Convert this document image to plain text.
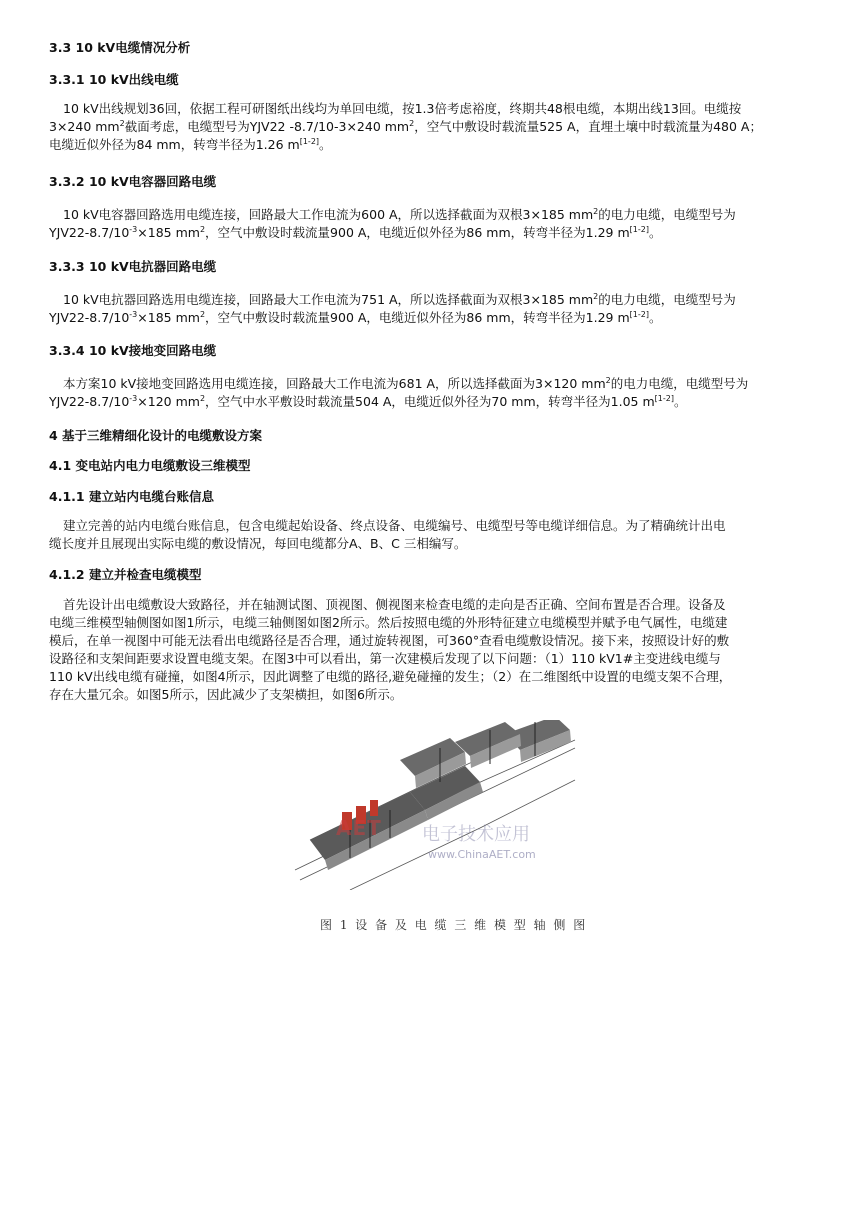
3.3 10 kV电缆情况分析
3.3.1 10 kV出线电缆
10 kV出线规划36回，依据工程可研图纸出线均为单回电缆，按1.3倍考虑裕度，终期共48根电缆，本期出线13回。电缆按
3×240 $mm^2$截面考虑，电缆型号为YJV22 -8.7/10-3×240 $mm^2$，空气中敷设时载流量525 A，直埋土壤中时载流量为480 A；
电缆近似外径为84 mm，转弯半径为1.26 m[1-2]。
3.3.2 10 kV电容器回路电缆
10 kV电容器回路选用电缆连接，回路最大工作电流为600 A，所以选择截面为双根3×185 $mm^2$的电力电缆，电缆型号为
$YJV22-8.7/10^{-3}\times 185$ $mm^2$，空气中敷设时载流量900 A，电缆近似外径为86 mm，转弯半径为1.29 m[1-2]。
3.3.3 10 kV电抗器回路电缆
10 kV电抗器回路选用电缆连接，回路最大工作电流为751 A，所以选择截面为双根3×185 $mm^2$的电力电缆，电缆型号为
$YJV22-8.7/10^{-3}\times 185$ $mm^2$，空气中敷设时载流量900 A，电缆近似外径为86 mm，转弯半径为1.29 m[1-2]。
3.3.4 10 kV接地变回路电缆
本方案10 kV接地变回路选用电缆连接，回路最大工作电流为681 A，所以选择截面为3×120 $mm^2$的电力电缆，电缆型号为
$YJV22-8.7/10^{-3}\times 120$ $mm^2$，空气中水平敷设时载流量504 A，电缆近似外径为70 mm，转弯半径为1.05 m[1-2]。
4 基于三维精细化设计的电缆敷设方案
4.1 变电站内电力电缆敷设三维模型
4.1.1 建立站内电缆台账信息
建立完善的站内电缆台账信息，包含电缆起始设备、终点设备、电缆编号、电缆型号等电缆详细信息。为了精确统计出电
缆长度并且展现出实际电缆的敷设情况，每回电缆都分A、B、C 三相编写。
4.1.2 建立并检查电缆模型
首先设计出电缆敷设大致路径，并在轴测试图、顶视图、侧视图来检查电缆的走向是否正确、空间布置是否合理。设备及
电缆三维模型轴侧图如图1所示，电缆三轴侧图如图2所示。然后按照电缆的外形特征建立电缆模型并赋予电气属性，电缆建
模后，在单一视图中可能无法看出电缆路径是否合理，通过旋转视图，可360°查看电缆敷设情况。接下来，按照设计好的敷
设路径和支架间距要求设置电缆支架。在图3中可以看出，第一次建模后发现了以下问题：（1）110 kV1#主变进线电缆与
110 kV出线电缆有碰撞，如图4所示，因此调整了电缆的路径,避免碰撞的发生；（2）在二维图纸中设置的电缆支架不合理，
存在大量冗余。如图5所示，因此减少了支架横担，如图6所示。
AET 电子技术应用
www.ChinaAET.com
图 1 设 备 及 电 缆 三 维 模 型 轴 侧 图
